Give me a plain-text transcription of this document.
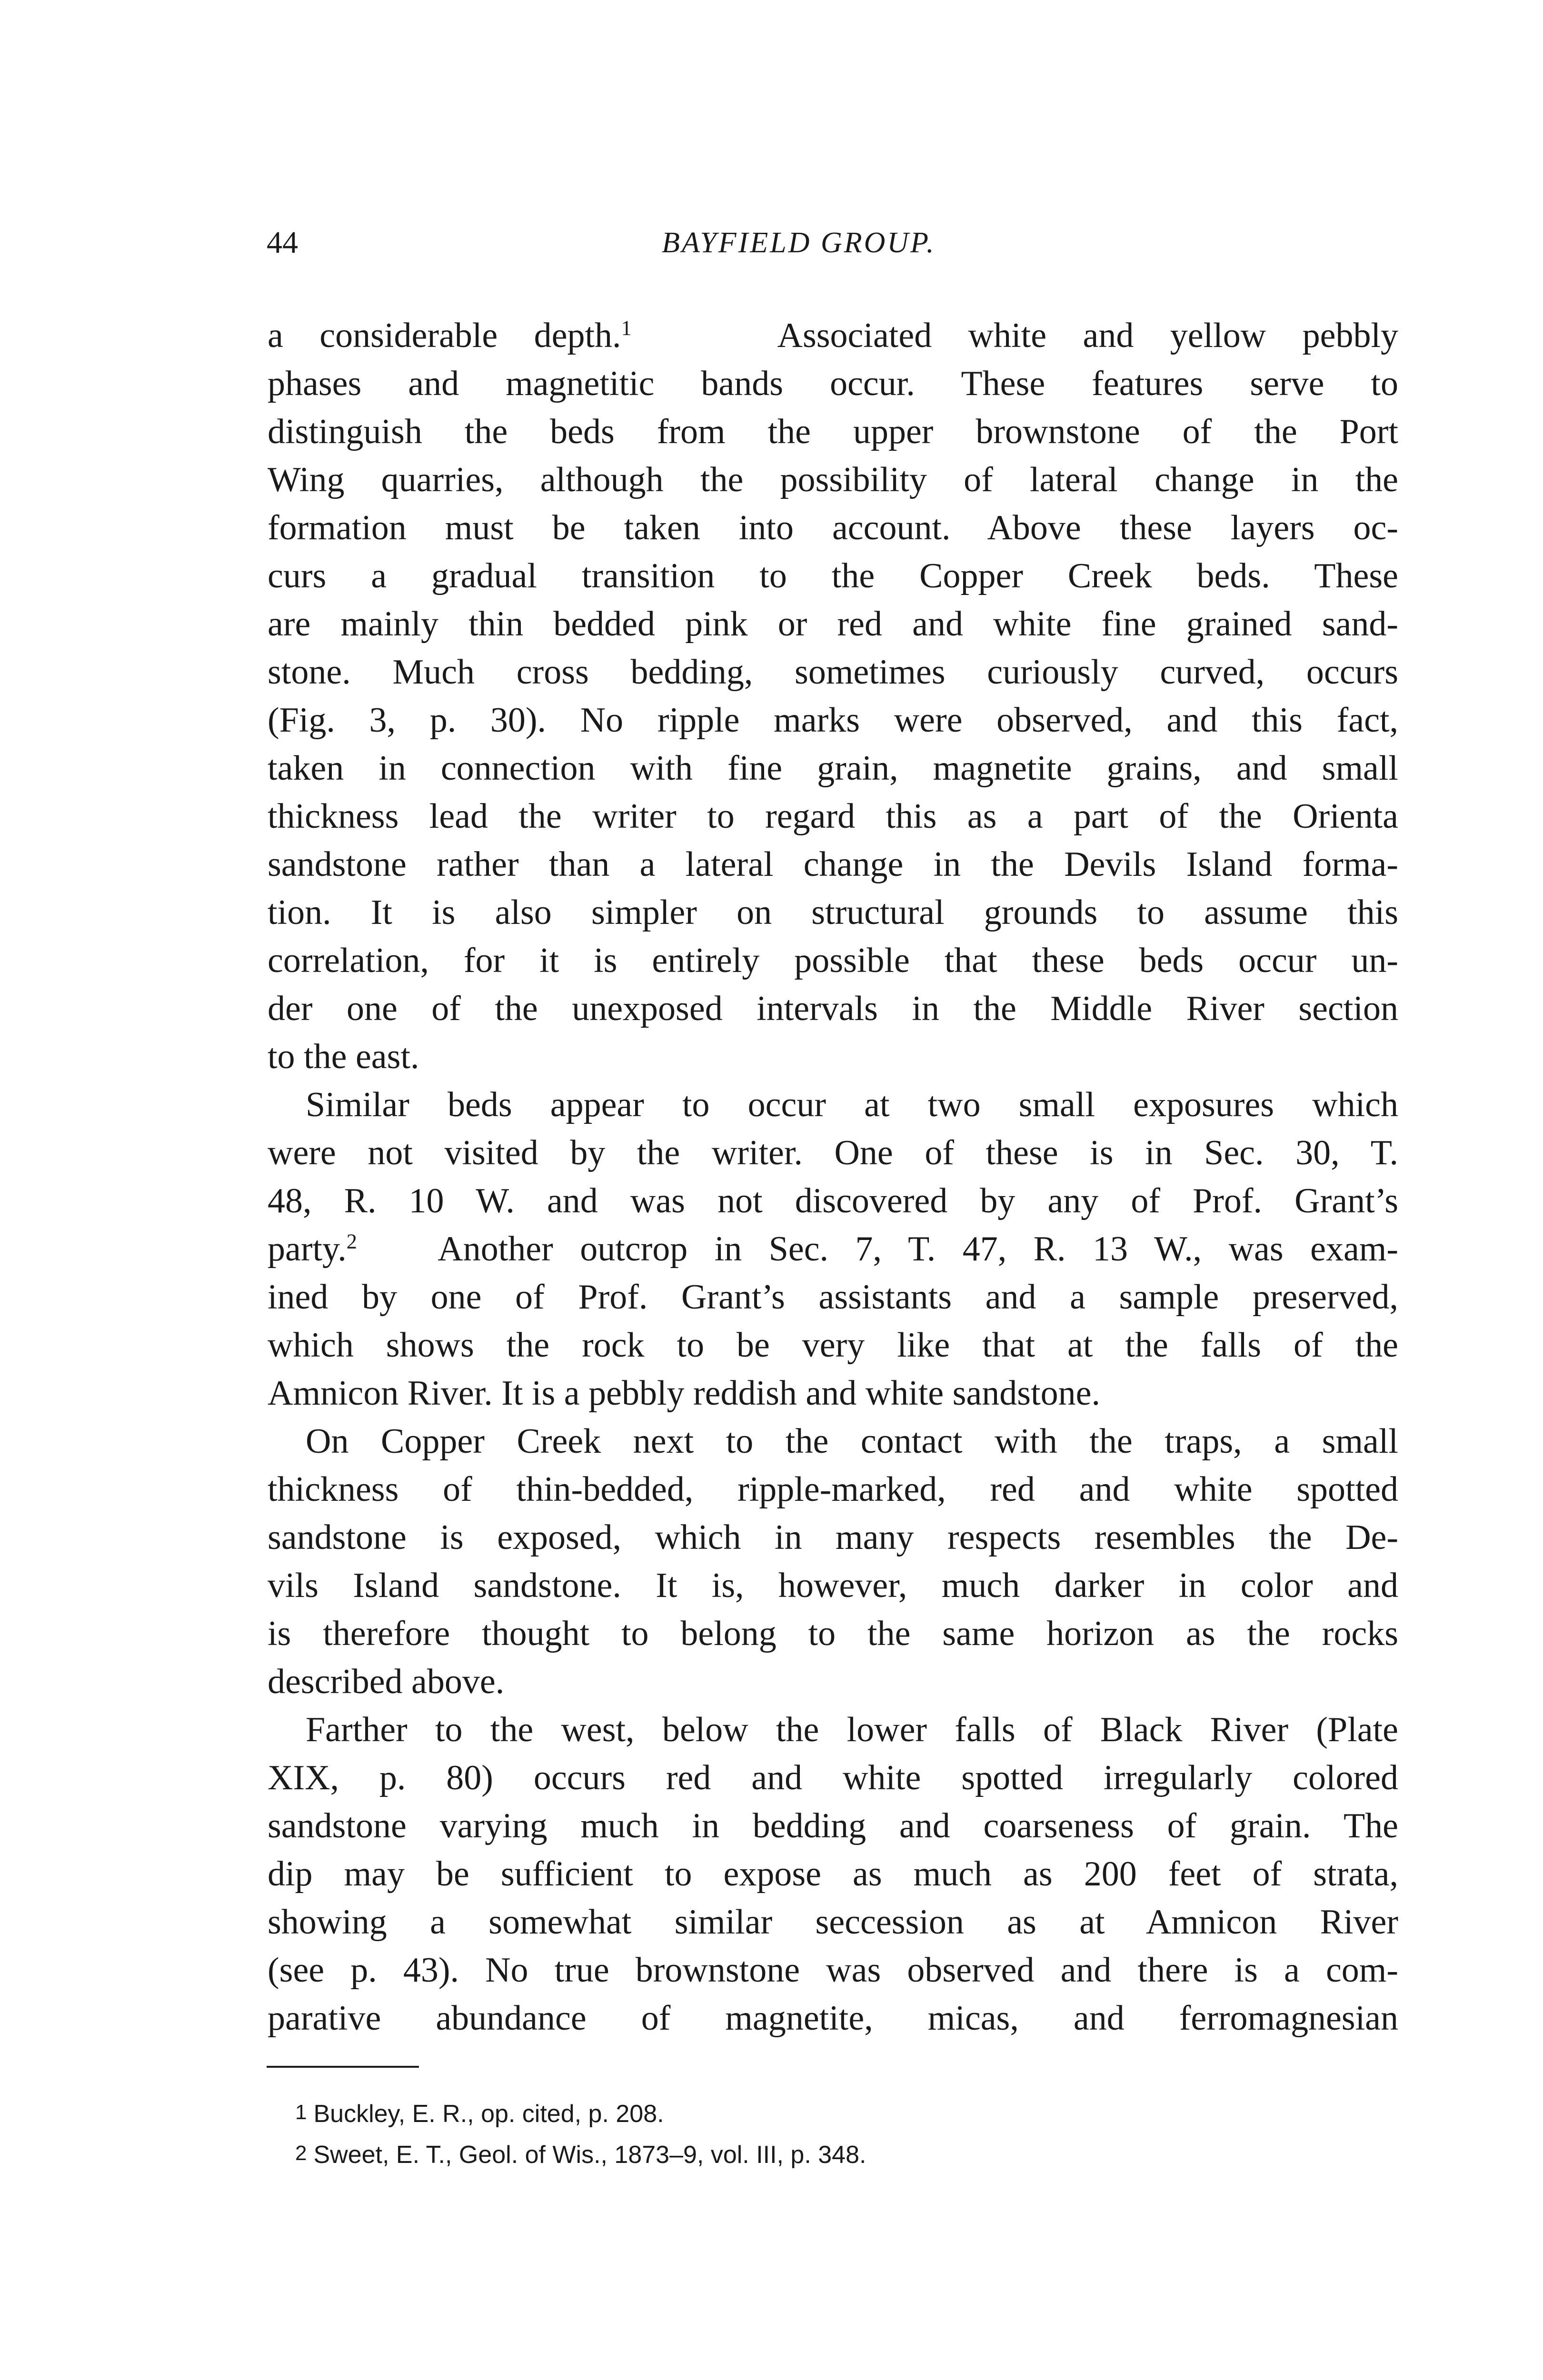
44	BAYFIELD GROUP.
a considerable depth.$^1$	Associated white and yellow pebbly
phases and magnetitic bands occur. These features serve to
distinguish the beds from the upper brownstone of the Port
Wing quarries, although the possibility of lateral change in the
formation must be taken into account. Above these layers oc-
curs a gradual transition to the Copper Creek beds. These
are mainly thin bedded pink or red and white fine grained sand-
stone. Much cross bedding, sometimes curiously curved, occurs
(Fig. 3, p. 30). No ripple marks were observed, and this fact,
taken in connection with fine grain, magnetite grains, and small
thickness lead the writer to regard this as a part of the Orienta
sandstone rather than a lateral change in the Devils Island forma-
tion. It is also simpler on structural grounds to assume this
correlation, for it is entirely possible that these beds occur un-
der one of the unexposed intervals in the Middle River section
to the east.
Similar beds appear to occur at two small exposures which
were not visited by the writer. One of these is in Sec. 30, T.
48, R. 10 W. and was not discovered by any of Prof. Grant’s
party.$^2$ Another outcrop in Sec. 7, T. 47, R. 13 W., was exam-
ined by one of Prof. Grant’s assistants and a sample preserved,
which shows the rock to be very like that at the falls of the
Amnicon River. It is a pebbly reddish and white sandstone.
On Copper Creek next to the contact with the traps, a small
thickness of thin-bedded, ripple-marked, red and white spotted
sandstone is exposed, which in many respects resembles the De-
vils Island sandstone. It is, however, much darker in color and
is therefore thought to belong to the same horizon as the rocks
described above.
Farther to the west, below the lower falls of Black River (Plate
XIX, p. 80) occurs red and white spotted irregularly colored
sandstone varying much in bedding and coarseness of grain. The
dip may be sufficient to expose as much as 200 feet of strata,
showing a somewhat similar seccession as at Amnicon River
(see p. 43). No true brownstone was observed and there is a com-
parative abundance of magnetite, micas, and ferromagnesian
1 Buckley, E. R., op. cited, p. 208.
2 Sweet, E. T., Geol. of Wis., 1873–9, vol. III, p. 348.
